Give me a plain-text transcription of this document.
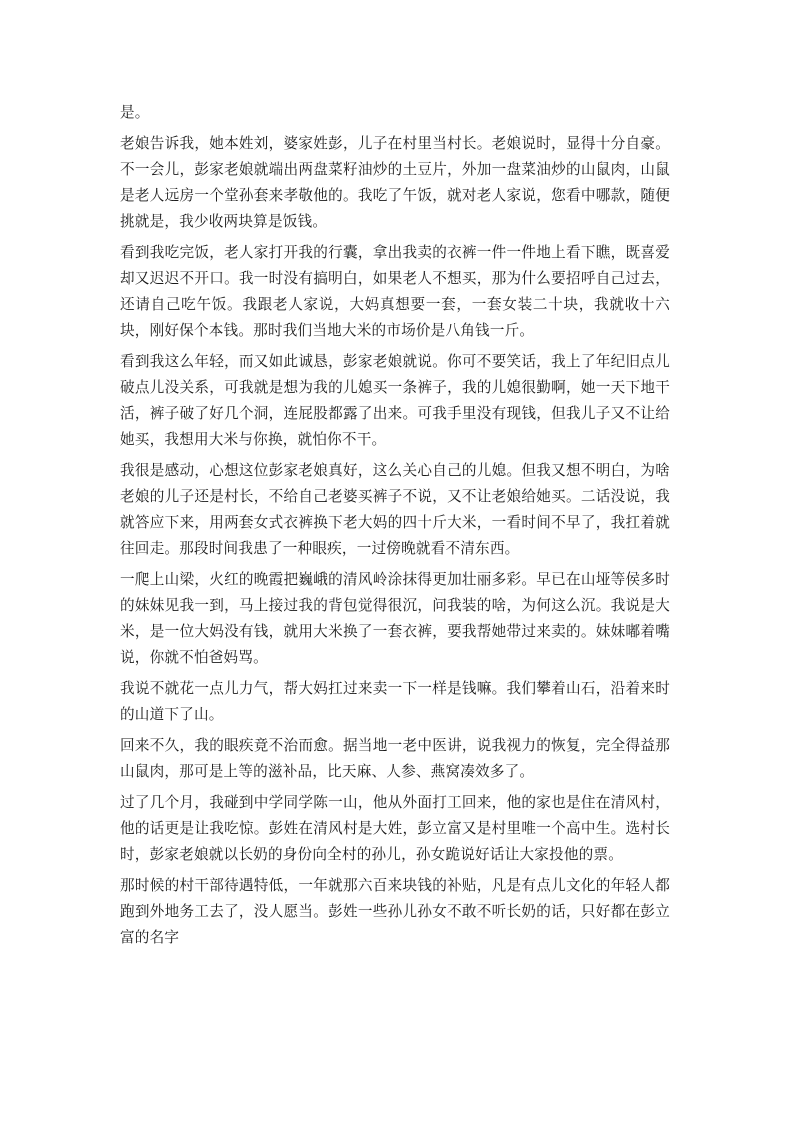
是。

老娘告诉我，她本姓刘，婆家姓彭，儿子在村里当村长。老娘说时，显得十分自豪。不一会儿，彭家老娘就端出两盘菜籽油炒的土豆片，外加一盘菜油炒的山鼠肉，山鼠是老人远房一个堂孙套来孝敬他的。我吃了午饭，就对老人家说，您看中哪款，随便挑就是，我少收两块算是饭钱。

看到我吃完饭，老人家打开我的行囊，拿出我卖的衣裤一件一件地上看下瞧，既喜爱却又迟迟不开口。我一时没有搞明白，如果老人不想买，那为什么要招呼自己过去，还请自己吃午饭。我跟老人家说，大妈真想要一套，一套女装二十块，我就收十六块，刚好保个本钱。那时我们当地大米的市场价是八角钱一斤。

看到我这么年轻，而又如此诚恳，彭家老娘就说。你可不要笑话，我上了年纪旧点儿破点儿没关系，可我就是想为我的儿媳买一条裤子，我的儿媳很勤啊，她一天下地干活，裤子破了好几个洞，连屁股都露了出来。可我手里没有现钱，但我儿子又不让给她买，我想用大米与你换，就怕你不干。

我很是感动，心想这位彭家老娘真好，这么关心自己的儿媳。但我又想不明白，为啥老娘的儿子还是村长，不给自己老婆买裤子不说，又不让老娘给她买。二话没说，我就答应下来，用两套女式衣裤换下老大妈的四十斤大米，一看时间不早了，我扛着就往回走。那段时间我患了一种眼疾，一过傍晚就看不清东西。

一爬上山梁，火红的晚霞把巍峨的清风岭涂抹得更加壮丽多彩。早已在山垭等侯多时的妹妹见我一到，马上接过我的背包觉得很沉，问我装的啥，为何这么沉。我说是大米，是一位大妈没有钱，就用大米换了一套衣裤，要我帮她带过来卖的。妹妹嘟着嘴说，你就不怕爸妈骂。

我说不就花一点儿力气，帮大妈扛过来卖一下一样是钱嘛。我们攀着山石，沿着来时的山道下了山。

回来不久，我的眼疾竟不治而愈。据当地一老中医讲，说我视力的恢复，完全得益那山鼠肉，那可是上等的滋补品，比天麻、人参、燕窝凑效多了。

过了几个月，我碰到中学同学陈一山，他从外面打工回来，他的家也是住在清风村，他的话更是让我吃惊。彭姓在清风村是大姓，彭立富又是村里唯一个高中生。选村长时，彭家老娘就以长奶的身份向全村的孙儿，孙女跪说好话让大家投他的票。

那时候的村干部待遇特低，一年就那六百来块钱的补贴，凡是有点儿文化的年轻人都跑到外地务工去了，没人愿当。彭姓一些孙儿孙女不敢不听长奶的话，只好都在彭立富的名字
